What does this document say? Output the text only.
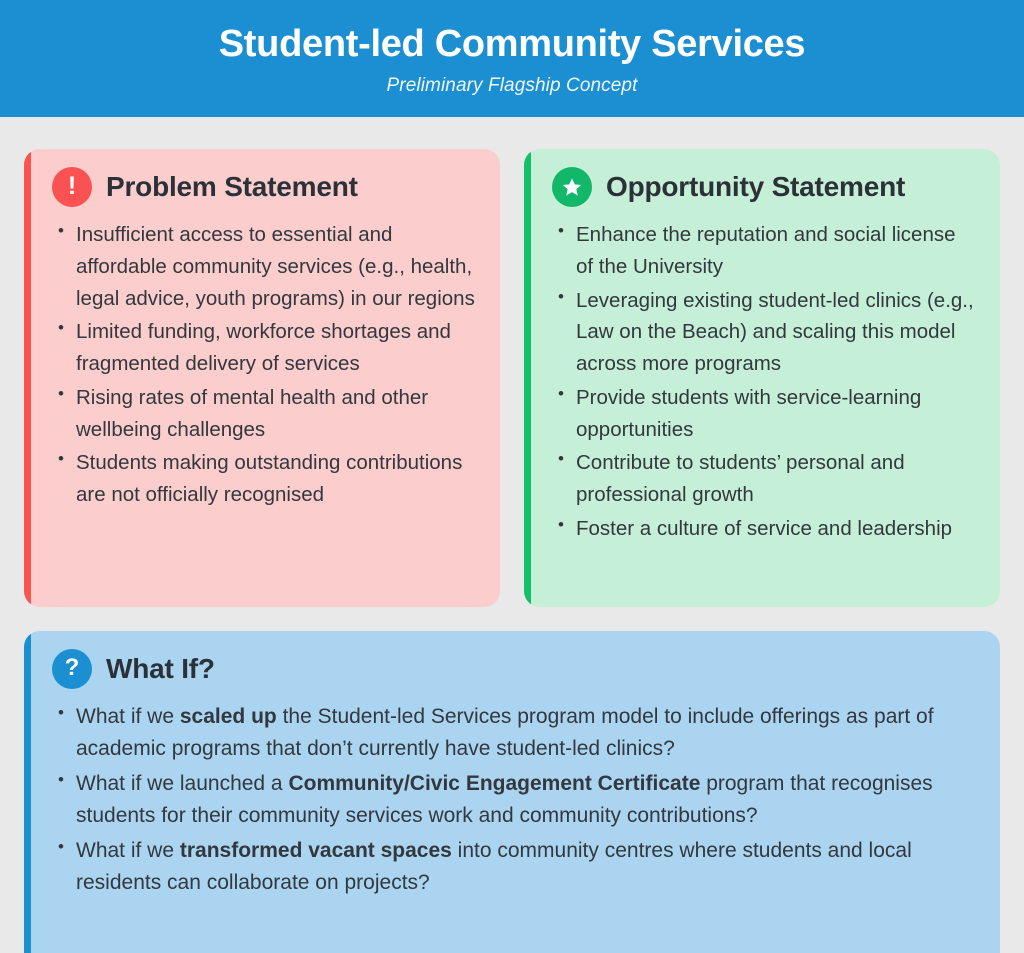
Student-led Community Services
Preliminary Flagship Concept
!	Problem Statement
• Insufficient access to essential and affordable community services (e.g., health, legal advice, youth programs) in our regions
• Limited funding, workforce shortages and fragmented delivery of services
• Rising rates of mental health and other wellbeing challenges
• Students making outstanding contributions are not officially recognised
Opportunity Statement
• Enhance the reputation and social license of the University
• Leveraging existing student-led clinics (e.g., Law on the Beach) and scaling this model across more programs
• Provide students with service-learning opportunities
• Contribute to students’ personal and professional growth
• Foster a culture of service and leadership
? What If?
• What if we scaled up the Student-led Services program model to include offerings as part of academic programs that don’t currently have student-led clinics?
• What if we launched a Community/Civic Engagement Certificate program that recognises students for their community services work and community contributions?
• What if we transformed vacant spaces into community centres where students and local residents can collaborate on projects?
